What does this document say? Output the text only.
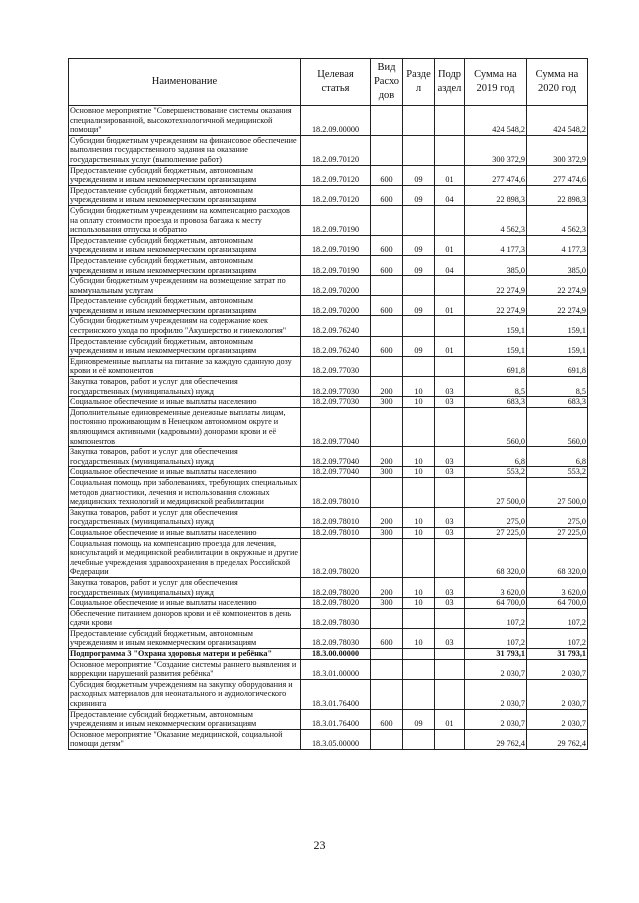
Наименование	Целевая статья	Вид Расхо дов	Разде л	Подр аздел	Сумма на 2019 год	Сумма на 2020 год
Основное мероприятие "Совершенствование системы оказания специализированной, высокотехнологичной медицинской помощи"	18.2.09.00000				424 548,2	424 548,2
Субсидии бюджетным учреждениям на финансовое обеспечение выполнения государственного задания на оказание государственных услуг (выполнение работ)	18.2.09.70120				300 372,9	300 372,9
Предоставление субсидий бюджетным, автономным учреждениям и иным некоммерческим организациям	18.2.09.70120	600	09	01	277 474,6	277 474,6
Предоставление субсидий бюджетным, автономным учреждениям и иным некоммерческим организациям	18.2.09.70120	600	09	04	22 898,3	22 898,3
Субсидии бюджетным учреждениям на компенсацию расходов на оплату стоимости проезда и провоза багажа к месту использования отпуска и обратно	18.2.09.70190				4 562,3	4 562,3
Предоставление субсидий бюджетным, автономным учреждениям и иным некоммерческим организациям	18.2.09.70190	600	09	01	4 177,3	4 177,3
Предоставление субсидий бюджетным, автономным учреждениям и иным некоммерческим организациям	18.2.09.70190	600	09	04	385,0	385,0
Субсидии бюджетным учреждениям на возмещение затрат по коммунальным услугам	18.2.09.70200				22 274,9	22 274,9
Предоставление субсидий бюджетным, автономным учреждениям и иным некоммерческим организациям	18.2.09.70200	600	09	01	22 274,9	22 274,9
Субсидии бюджетным учреждениям на содержание коек сестринского ухода по профилю "Акушерство и гинекология"	18.2.09.76240				159,1	159,1
Предоставление субсидий бюджетным, автономным учреждениям и иным некоммерческим организациям	18.2.09.76240	600	09	01	159,1	159,1
Единовременные выплаты на питание за каждую сданную дозу крови и её компонентов	18.2.09.77030				691,8	691,8
Закупка товаров, работ и услуг для обеспечения государственных (муниципальных) нужд	18.2.09.77030	200	10	03	8,5	8,5
Социальное обеспечение и иные выплаты населению	18.2.09.77030	300	10	03	683,3	683,3
Дополнительные единовременные денежные выплаты лицам, постоянно проживающим в Ненецком автономном округе и являющимся активными (кадровыми) донорами крови и её компонентов	18.2.09.77040				560,0	560,0
Закупка товаров, работ и услуг для обеспечения государственных (муниципальных) нужд	18.2.09.77040	200	10	03	6,8	6,8
Социальное обеспечение и иные выплаты населению	18.2.09.77040	300	10	03	553,2	553,2
Социальная помощь при заболеваниях, требующих специальных методов диагностики, лечения и использования сложных медицинских технологий и медицинской реабилитации	18.2.09.78010				27 500,0	27 500,0
Закупка товаров, работ и услуг для обеспечения государственных (муниципальных) нужд	18.2.09.78010	200	10	03	275,0	275,0
Социальное обеспечение и иные выплаты населению	18.2.09.78010	300	10	03	27 225,0	27 225,0
Социальная помощь на компенсацию проезда для лечения, консультаций и медицинской реабилитации в окружные и другие лечебные учреждения здравоохранения в пределах Российской Федерации	18.2.09.78020				68 320,0	68 320,0
Закупка товаров, работ и услуг для обеспечения государственных (муниципальных) нужд	18.2.09.78020	200	10	03	3 620,0	3 620,0
Социальное обеспечение и иные выплаты населению	18.2.09.78020	300	10	03	64 700,0	64 700,0
Обеспечение питанием доноров крови и её компонентов в день сдачи крови	18.2.09.78030				107,2	107,2
Предоставление субсидий бюджетным, автономным учреждениям и иным некоммерческим организациям	18.2.09.78030	600	10	03	107,2	107,2
Подпрограмма 3 "Охрана здоровья матери и ребёнка"	18.3.00.00000				31 793,1	31 793,1
Основное мероприятие "Создание системы раннего выявления и коррекции нарушений развития ребёнка"	18.3.01.00000				2 030,7	2 030,7
Субсидия бюджетным учреждениям на закупку оборудования и расходных материалов для неонатального и аудиологического скрининга	18.3.01.76400				2 030,7	2 030,7
Предоставление субсидий бюджетным, автономным учреждениям и иным некоммерческим организациям	18.3.01.76400	600	09	01	2 030,7	2 030,7
Основное мероприятие "Оказание медицинской, социальной помощи детям"	18.3.05.00000				29 762,4	29 762,4
23
